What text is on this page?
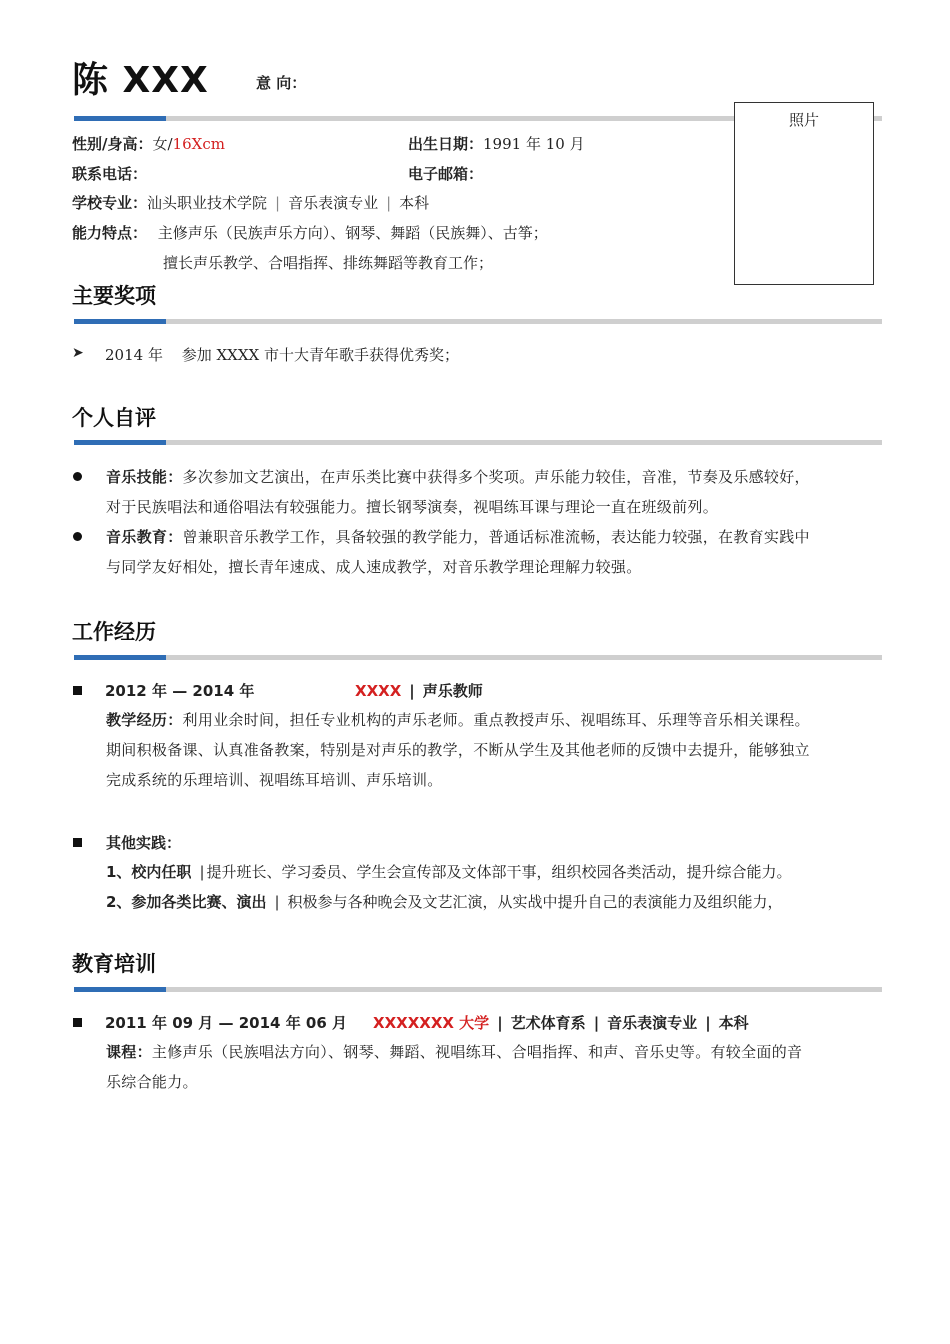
陈 XXX	意 向：
照片
性别/身高：女/16Xcm	出生日期：1991 年 10 月
联系电话：	电子邮箱：
学校专业：汕头职业技术学院 | 音乐表演专业 | 本科
能力特点： 主修声乐（民族声乐方向）、钢琴、舞蹈（民族舞）、古筝；
擅长声乐教学、合唱指挥、排练舞蹈等教育工作；
主要奖项
➤ 2014 年 参加 XXXX 市十大青年歌手获得优秀奖；
个人自评
音乐技能：多次参加文艺演出，在声乐类比赛中获得多个奖项。声乐能力较佳，音准，节奏及乐感较好，
对于民族唱法和通俗唱法有较强能力。擅长钢琴演奏，视唱练耳课与理论一直在班级前列。
音乐教育：曾兼职音乐教学工作，具备较强的教学能力，普通话标准流畅，表达能力较强，在教育实践中
与同学友好相处，擅长青年速成、成人速成教学，对音乐教学理论理解力较强。
工作经历
2012 年 — 2014 年	XXXX | 声乐教师
教学经历：利用业余时间，担任专业机构的声乐老师。重点教授声乐、视唱练耳、乐理等音乐相关课程。
期间积极备课、认真准备教案，特别是对声乐的教学，不断从学生及其他老师的反馈中去提升，能够独立
完成系统的乐理培训、视唱练耳培训、声乐培训。
其他实践：
1、校内任职 | 提升班长、学习委员、学生会宣传部及文体部干事，组织校园各类活动，提升综合能力。
2、参加各类比赛、演出 | 积极参与各种晚会及文艺汇演，从实战中提升自己的表演能力及组织能力，
教育培训
2011 年 09 月 — 2014 年 06 月 XXXXXXX 大学 | 艺术体育系 | 音乐表演专业 | 本科
课程：主修声乐（民族唱法方向）、钢琴、舞蹈、视唱练耳、合唱指挥、和声、音乐史等。有较全面的音
乐综合能力。
